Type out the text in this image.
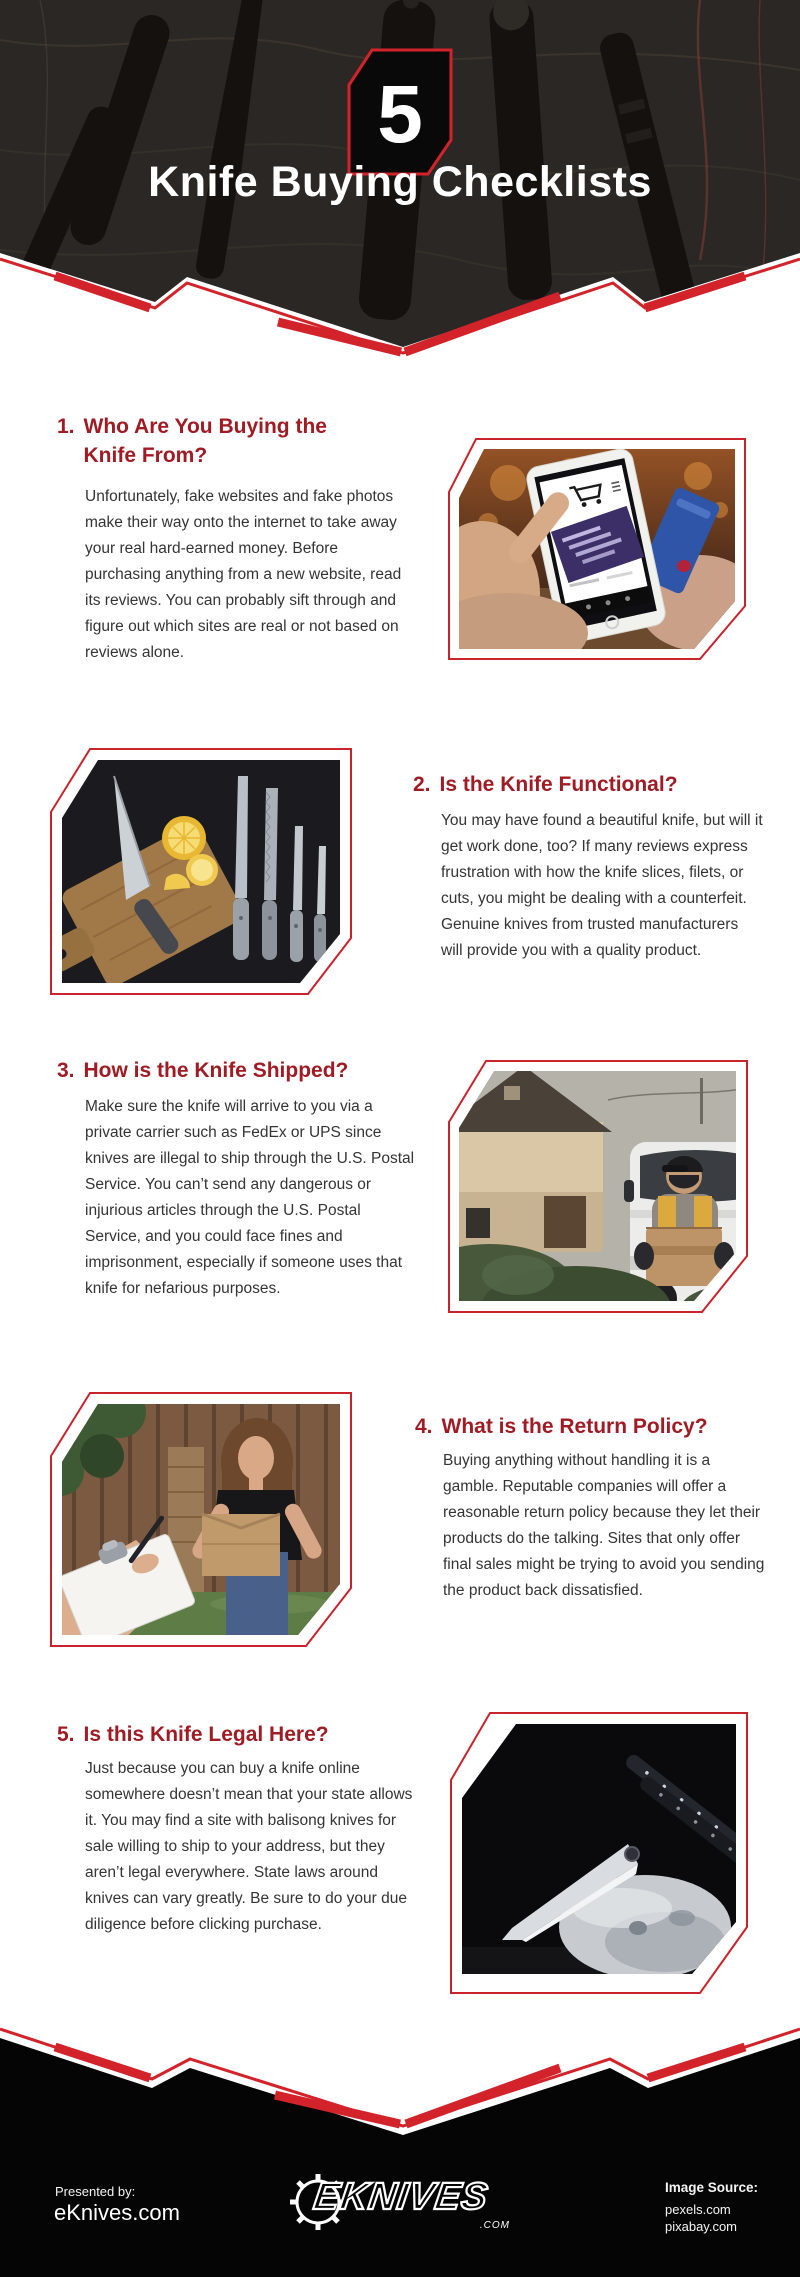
5
Knife Buying Checklists
1. Who Are You Buying the Knife From?
Unfortunately, fake websites and fake photos make their way onto the internet to take away your real hard-earned money. Before purchasing anything from a new website, read its reviews. You can probably sift through and figure out which sites are real or not based on reviews alone.
2. Is the Knife Functional?
You may have found a beautiful knife, but will it get work done, too? If many reviews express frustration with how the knife slices, filets, or cuts, you might be dealing with a counterfeit. Genuine knives from trusted manufacturers will provide you with a quality product.
3. How is the Knife Shipped?
Make sure the knife will arrive to you via a private carrier such as FedEx or UPS since knives are illegal to ship through the U.S. Postal Service. You can’t send any dangerous or injurious articles through the U.S. Postal Service, and you could face fines and imprisonment, especially if someone uses that knife for nefarious purposes.
4. What is the Return Policy?
Buying anything without handling it is a gamble. Reputable companies will offer a reasonable return policy because they let their products do the talking. Sites that only offer final sales might be trying to avoid you sending the product back dissatisfied.
5. Is this Knife Legal Here?
Just because you can buy a knife online somewhere doesn’t mean that your state allows it. You may find a site with balisong knives for sale willing to ship to your address, but they aren’t legal everywhere. State laws around knives can vary greatly. Be sure to do your due diligence before clicking purchase.
Presented by:
eKnives.com	EKNIVES
.COM
Image Source:
pexels.com
pixabay.com
